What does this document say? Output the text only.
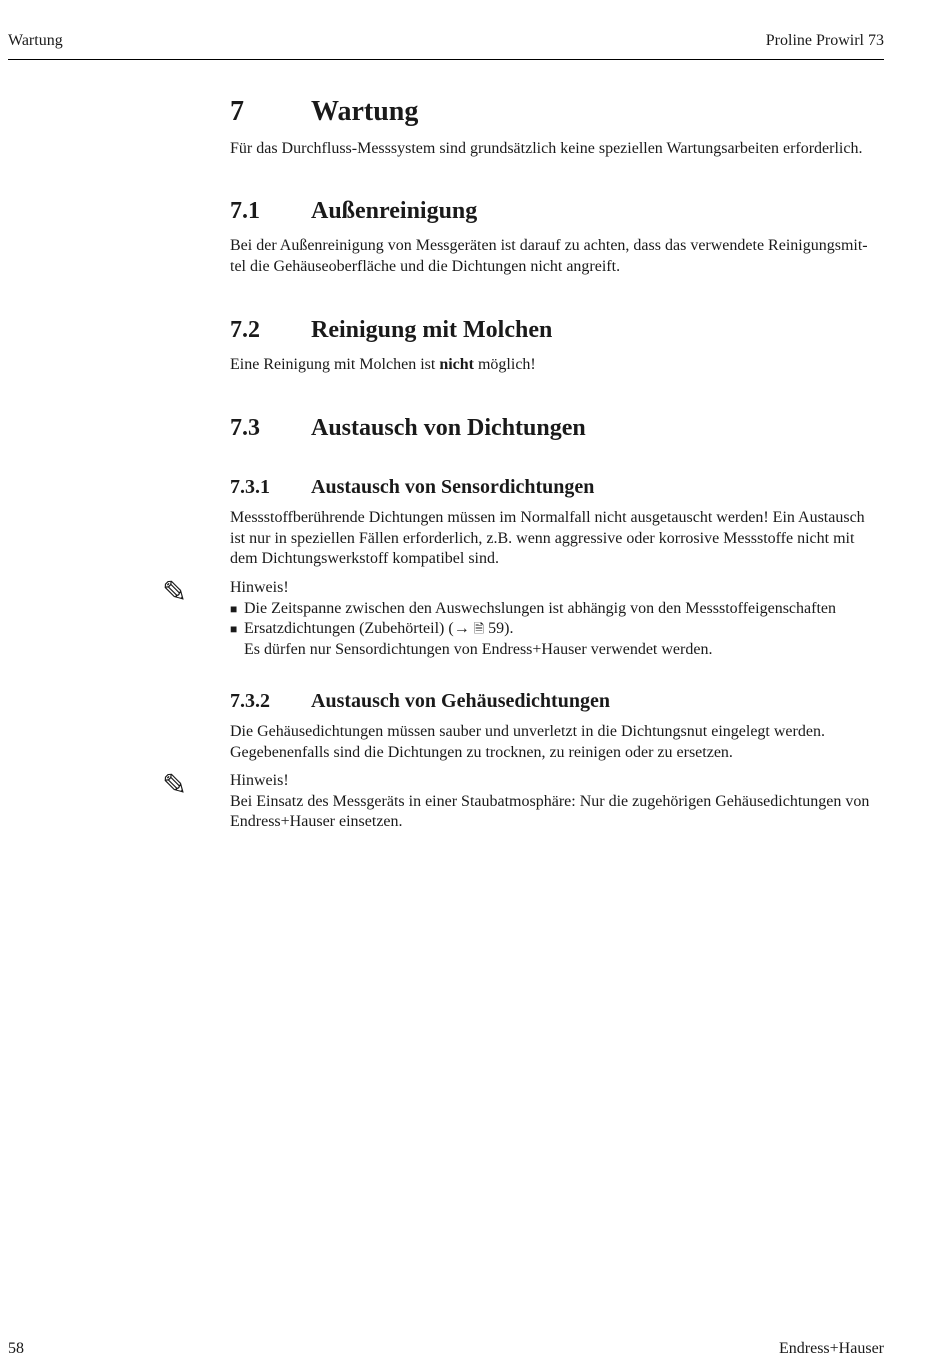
Wartung	Proline Prowirl 73
7 Wartung

Für das Durchfluss-Messsystem sind grundsätzlich keine speziellen Wartungsarbeiten erforderlich.

7.1 Außenreinigung

Bei der Außenreinigung von Messgeräten ist darauf zu achten, dass das verwendete Reinigungsmit-

tel die Gehäuseoberfläche und die Dichtungen nicht angreift.

7.2 Reinigung mit Molchen

Eine Reinigung mit Molchen ist nicht möglich!

7.3 Austausch von Dichtungen
7.3.1 Austausch von Sensordichtungen

Messstoffberührende Dichtungen müssen im Normalfall nicht ausgetauscht werden! Ein Austausch

ist nur in speziellen Fällen erforderlich, z.B. wenn aggressive oder korrosive Messstoffe nicht mit

dem Dichtungswerkstoff kompatibel sind.

✎	Hinweis!

■ Die Zeitspanne zwischen den Auswechslungen ist abhängig von den Messstoffeigenschaften
■ Ersatzdichtungen (Zubehörteil) (→ 🗎 59).

Es dürfen nur Sensordichtungen von Endress+Hauser verwendet werden.

7.3.2 Austausch von Gehäusedichtungen

Die Gehäusedichtungen müssen sauber und unverletzt in die Dichtungsnut eingelegt werden.

Gegebenenfalls sind die Dichtungen zu trocknen, zu reinigen oder zu ersetzen.

✎	Hinweis!

Bei Einsatz des Messgeräts in einer Staubatmosphäre: Nur die zugehörigen Gehäusedichtungen von

Endress+Hauser einsetzen.

58	Endress+Hauser
